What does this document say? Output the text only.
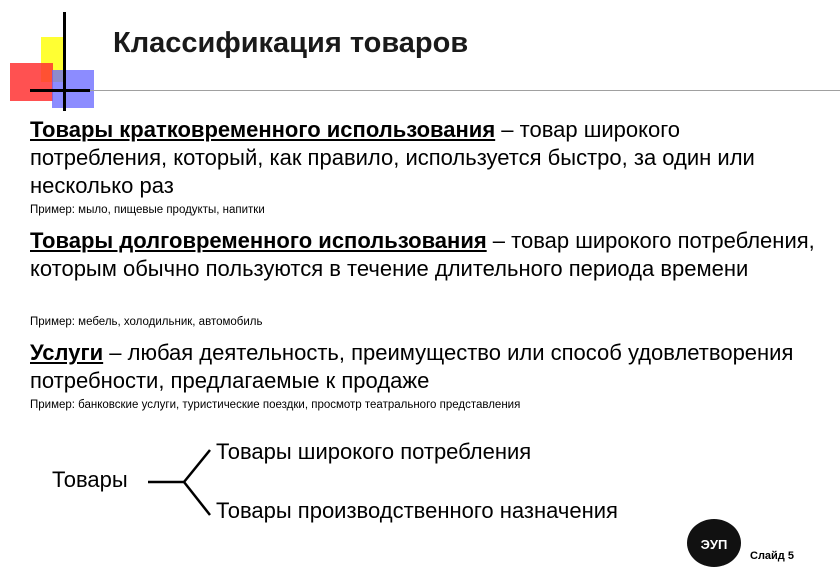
Классификация товаров
Товары кратковременного использования – товар широкого потребления, который, как правило, используется быстро, за один или несколько раз
Пример: мыло, пищевые продукты, напитки
Товары долговременного использования – товар широкого потребления, которым обычно пользуются в течение длительного периода времени
Пример: мебель, холодильник, автомобиль
Услуги – любая деятельность, преимущество или способ удовлетворения потребности, предлагаемые к продаже
Пример: банковские услуги, туристические поездки, просмотр театрального представления
Товары
Товары широкого потребления
Товары производственного назначения
ЭУП
Слайд 5
